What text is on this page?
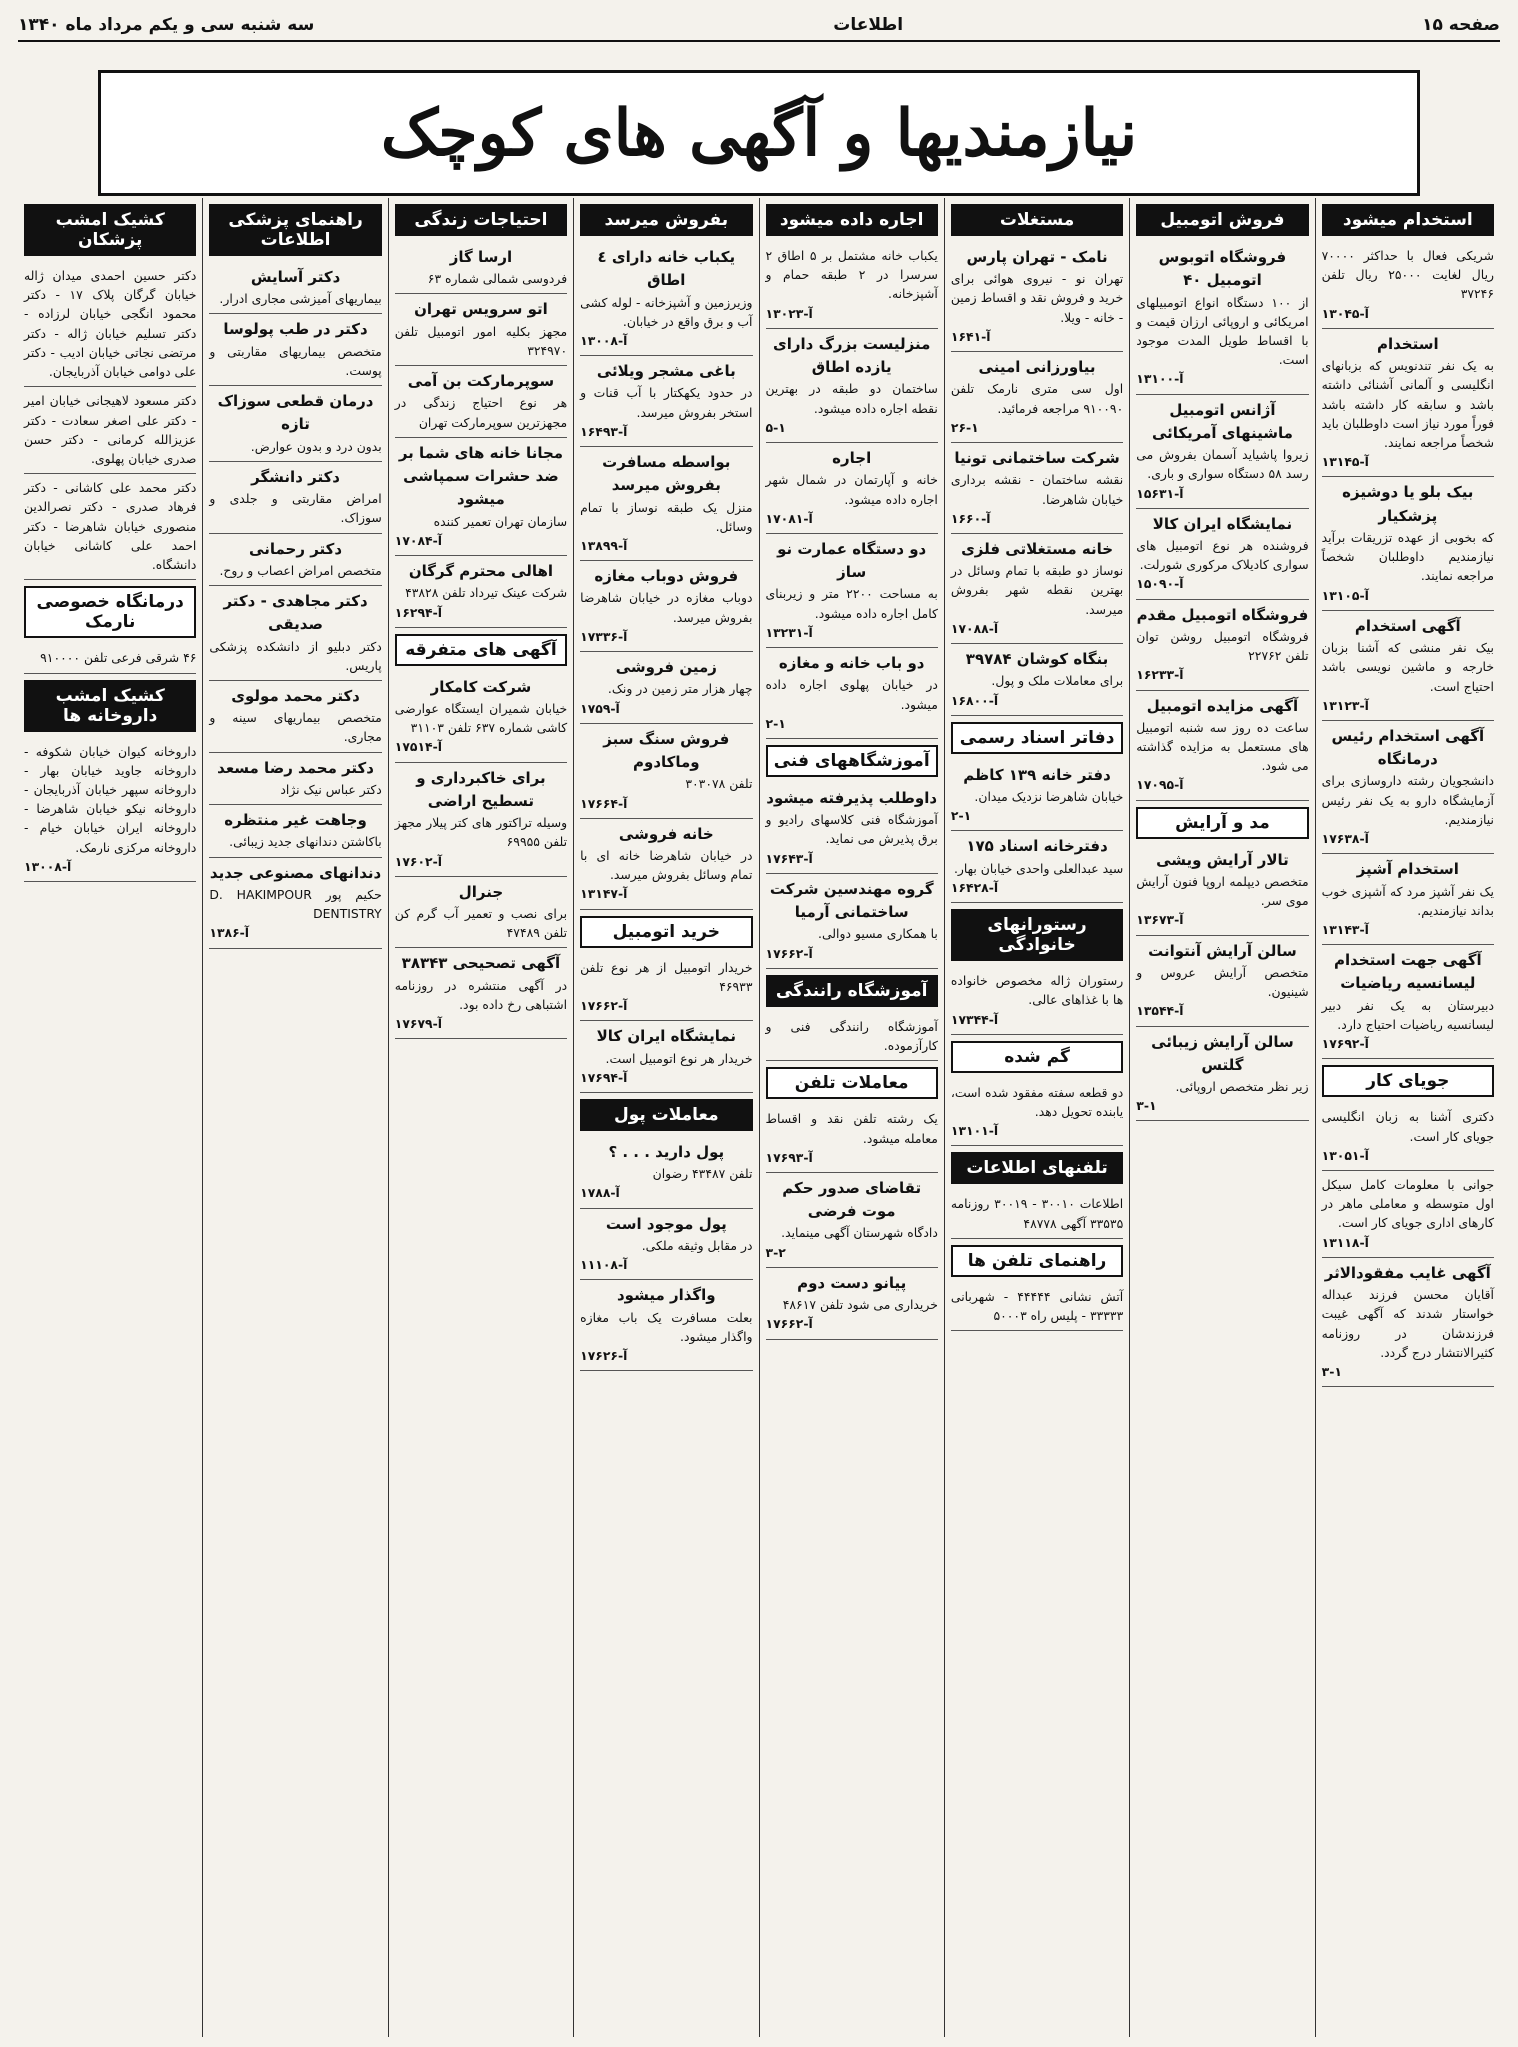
صفحه ۱۵
اطلاعات
سه شنبه سی و یکم مرداد ماه ۱۳۴۰
نیازمندیها و آگهی های کوچک
استخدام میشود
شریکی فعال با حداکثر ۷۰۰۰۰ ریال لغایت ۲۵۰۰۰ ریال تلفن ۳۷۲۴۶
آ-۱۳۰۴۵
استخدام
به یک نفر تندنویس که بزبانهای انگلیسی و آلمانی آشنائی داشته باشد و سابقه کار داشته باشد فوراً مورد نیاز است داوطلبان باید شخصاً مراجعه نمایند.
آ-۱۳۱۴۵
بیک بلو یا دوشیزه پزشکیار
که بخوبی از عهده تزریقات برآید نیازمندیم داوطلبان شخصاً مراجعه نمایند.
آ-۱۳۱۰۵
آگهی استخدام
بیک نفر منشی که آشنا بزبان خارجه و ماشین نویسی باشد احتیاج است.
آ-۱۳۱۲۳
آگهی استخدام رئیس درمانگاه
دانشجویان رشته داروسازی برای آزمایشگاه دارو به یک نفر رئیس نیازمندیم.
آ-۱۷۶۳۸
استخدام آشپز
یک نفر آشپز مرد که آشپزی خوب بداند نیازمندیم.
آ-۱۳۱۴۳
آگهی جهت استخدام لیسانسیه ریاضیات
دبیرستان به یک نفر دبیر لیسانسیه ریاضیات احتیاج دارد.
آ-۱۷۶۹۲
جویای کار
دکتری آشنا به زبان انگلیسی جویای کار است.
آ-۱۳۰۵۱
جوانی با معلومات کامل سیکل اول متوسطه و معاملی ماهر در کارهای اداری جویای کار است.
آ-۱۳۱۱۸
آگهی غایب مفقودالاثر
آقایان محسن فرزند عبداله خواستار شدند که آگهی غیبت فرزندشان در روزنامه کثیرالانتشار درج گردد.
۳-۱
فروش اتومبیل
فروشگاه اتوبوس اتومبیل ۴۰
از ۱۰۰ دستگاه انواع اتومبیلهای امریکائی و اروپائی ارزان قیمت و با اقساط طویل المدت موجود است.
آ-۱۳۱۰۰
آژانس اتومبیل ماشینهای آمریکائی
زیروا پاشیاید آسمان بفروش می رسد ۵۸ دستگاه سواری و باری.
آ-۱۵۶۳۱
نمایشگاه ایران کالا
فروشنده هر نوع اتومبیل های سواری کادیلاک مرکوری شورلت.
آ-۱۵۰۹۰
فروشگاه اتومبیل مقدم
فروشگاه اتومبیل روشن توان تلفن ۲۲۷۶۲
آ-۱۶۲۳۳
آگهی مزایده اتومبیل
ساعت ده روز سه شنبه اتومبیل های مستعمل به مزایده گذاشته می شود.
آ-۱۷۰۹۵
مد و آرایش
تالار آرایش ویشی
متخصص دیپلمه اروپا فنون آرایش موی سر.
آ-۱۳۶۷۳
سالن آرایش آنتوانت
متخصص آرایش عروس و شینیون.
آ-۱۳۵۴۴
سالن آرایش زیبائی گلتس
زیر نظر متخصص اروپائی.
۳-۱
مستغلات
نامک - تهران پارس
تهران نو - نیروی هوائی برای خرید و فروش نقد و اقساط زمین - خانه - ویلا.
آ-۱۶۴۱
بیاورزانی امینی
اول سی متری نارمک تلفن ۹۱۰۰۹۰ مراجعه فرمائید.
۲۶-۱
شرکت ساختمانی تونیا
نقشه ساختمان - نقشه برداری خیابان شاهرضا.
آ-۱۶۶۰
خانه مستغلاتی فلزی
نوساز دو طبقه با تمام وسائل در بهترین نقطه شهر بفروش میرسد.
آ-۱۷۰۸۸
بنگاه کوشان ۳۹۷۸۴
برای معاملات ملک و پول.
آ-۱۶۸۰۰
دفاتر اسناد رسمی
دفتر خانه ۱۳۹ کاظم
خیابان شاهرضا نزدیک میدان.
۲-۱
دفترخانه اسناد ۱۷۵
سید عبدالعلی واحدی خیابان بهار.
آ-۱۶۴۲۸
رستورانهای خانوادگی
رستوران ژاله مخصوص خانواده ها با غذاهای عالی.
آ-۱۷۳۴۴
گم شده
دو قطعه سفته مفقود شده است، یابنده تحویل دهد.
آ-۱۳۱۰۱
تلفنهای اطلاعات
اطلاعات ۳۰۰۱۰ - ۳۰۰۱۹ روزنامه ۳۳۵۳۵ آگهی ۴۸۷۷۸
راهنمای تلفن ها
آتش نشانی ۴۴۴۴۴ - شهربانی ۳۳۳۳۳ - پلیس راه ۵۰۰۰۳
اجاره داده میشود
یکباب خانه مشتمل بر ۵ اطاق ۲ سرسرا در ۲ طبقه حمام و آشپزخانه.
آ-۱۳۰۲۳
منزلیست بزرگ دارای یازده اطاق
ساختمان دو طبقه در بهترین نقطه اجاره داده میشود.
۵-۱
اجاره
خانه و آپارتمان در شمال شهر اجاره داده میشود.
آ-۱۷۰۸۱
دو دستگاه عمارت نو ساز
به مساحت ۲۲۰۰ متر و زیربنای کامل اجاره داده میشود.
آ-۱۳۲۳۱
دو باب خانه و مغازه
در خیابان پهلوی اجاره داده میشود.
۲-۱
آموزشگاههای فنی
داوطلب پذیرفته میشود
آموزشگاه فنی کلاسهای رادیو و برق پذیرش می نماید.
آ-۱۷۶۴۳
گروه مهندسین شرکت ساختمانی آرمیا
با همکاری مسیو دوالی.
آ-۱۷۶۶۲
آموزشگاه رانندگی
آموزشگاه رانندگی فنی و کارآزموده.
معاملات تلفن
یک رشته تلفن نقد و اقساط معامله میشود.
آ-۱۷۶۹۳
تقاضای صدور حکم موت فرضی
دادگاه شهرستان آگهی مینماید.
۳-۲
پیانو دست دوم
خریداری می شود تلفن ۴۸۶۱۷
آ-۱۷۶۶۲
بفروش میرسد
یکباب خانه دارای ٤ اطاق
وزیرزمین و آشپزخانه - لوله کشی آب و برق واقع در خیابان.
آ-۱۳۰۰۸
باغی مشجر ویلائی
در حدود یکهکتار با آب قنات و استخر بفروش میرسد.
آ-۱۶۴۹۳
بواسطه مسافرت بفروش میرسد
منزل یک طبقه نوساز با تمام وسائل.
آ-۱۳۸۹۹
فروش دوباب مغازه
دوباب مغازه در خیابان شاهرضا بفروش میرسد.
آ-۱۷۳۳۶
زمین فروشی
چهار هزار متر زمین در ونک.
آ-۱۷۵۹
فروش سنگ سبز وماکادوم
تلفن ۳۰۳۰۷۸
آ-۱۷۶۶۴
خانه فروشی
در خیابان شاهرضا خانه ای با تمام وسائل بفروش میرسد.
آ-۱۳۱۴۷
خرید اتومبیل
خریدار اتومبیل از هر نوع تلفن ۴۶۹۳۳
آ-۱۷۶۶۲
نمایشگاه ایران کالا
خریدار هر نوع اتومبیل است.
آ-۱۷۶۹۴
معاملات پول
پول دارید . . . ؟
تلفن ۴۳۴۸۷ رضوان
آ-۱۷۸۸
پول موجود است
در مقابل وثیقه ملکی.
آ-۱۱۱۰۸
واگذار میشود
بعلت مسافرت یک باب مغازه واگذار میشود.
آ-۱۷۶۲۶
احتیاجات زندگی
ارسا گاز
فردوسی شمالی شماره ۶۳
اتو سرویس تهران
مجهز بکلیه امور اتومبیل تلفن ۳۲۴۹۷۰
سوپرمارکت بن آمی
هر نوع احتیاج زندگی در مجهزترین سوپرمارکت تهران
مجانا خانه های شما بر ضد حشرات سمپاشی میشود
سازمان تهران تعمیر کننده
آ-۱۷۰۸۴
اهالی محترم گرگان
شرکت عینک تیرداد تلفن ۴۳۸۲۸
آ-۱۶۲۹۴
آگهی های متفرقه
شرکت کامکار
خیابان شمیران ایستگاه عوارضی کاشی شماره ۶۳۷ تلفن ۳۱۱۰۳
آ-۱۷۵۱۴
برای خاکبرداری و تسطیح اراضی
وسیله تراکتور های کتر پیلار مجهز تلفن ۶۹۹۵۵
آ-۱۷۶۰۲
جنرال
برای نصب و تعمیر آب گرم کن تلفن ۴۷۴۸۹
آگهی تصحیحی ۳۸۳۴۳
در آگهی منتشره در روزنامه اشتباهی رخ داده بود.
آ-۱۷۶۷۹
راهنمای پزشکی اطلاعات
دکتر آسایش
بیماریهای آمیزشی مجاری ادرار.
دکتر در طب پولوسا
متخصص بیماریهای مقاربتی و پوست.
درمان قطعی سوزاک تازه
بدون درد و بدون عوارض.
دکتر دانشگر
امراض مقاربتی و جلدی و سوزاک.
دکتر رحمانی
متخصص امراض اعصاب و روح.
دکتر مجاهدی - دکتر صدیقی
دکتر دبلیو از دانشکده پزشکی پاریس.
دکتر محمد مولوی
متخصص بیماریهای سینه و مجاری.
دکتر محمد رضا مسعد
دکتر عباس نیک نژاد
وجاهت غیر منتظره
باکاشتن دندانهای جدید زیبائی.
دندانهای مصنوعی جدید
حکیم پور D. HAKIMPOUR DENTISTRY
آ-۱۳۸۶
کشیک امشب پزشکان
دکتر حسین احمدی میدان ژاله خیابان گرگان پلاک ۱۷ - دکتر محمود انگجی خیابان لرزاده - دکتر تسلیم خیابان ژاله - دکتر مرتضی نجاتی خیابان ادیب - دکتر علی دوامی خیابان آذربایجان.
دکتر مسعود لاهیجانی خیابان امیر - دکتر علی اصغر سعادت - دکتر عزیزالله کرمانی - دکتر حسن صدری خیابان پهلوی.
دکتر محمد علی کاشانی - دکتر فرهاد صدری - دکتر نصرالدین منصوری خیابان شاهرضا - دکتر احمد علی کاشانی خیابان دانشگاه.
درمانگاه خصوصی نارمک
۴۶ شرقی فرعی تلفن ۹۱۰۰۰۰
کشیک امشب داروخانه ها
داروخانه کیوان خیابان شکوفه - داروخانه جاوید خیابان بهار - داروخانه سپهر خیابان آذربایجان - داروخانه نیکو خیابان شاهرضا - داروخانه ایران خیابان خیام - داروخانه مرکزی نارمک.
آ-۱۳۰۰۸
